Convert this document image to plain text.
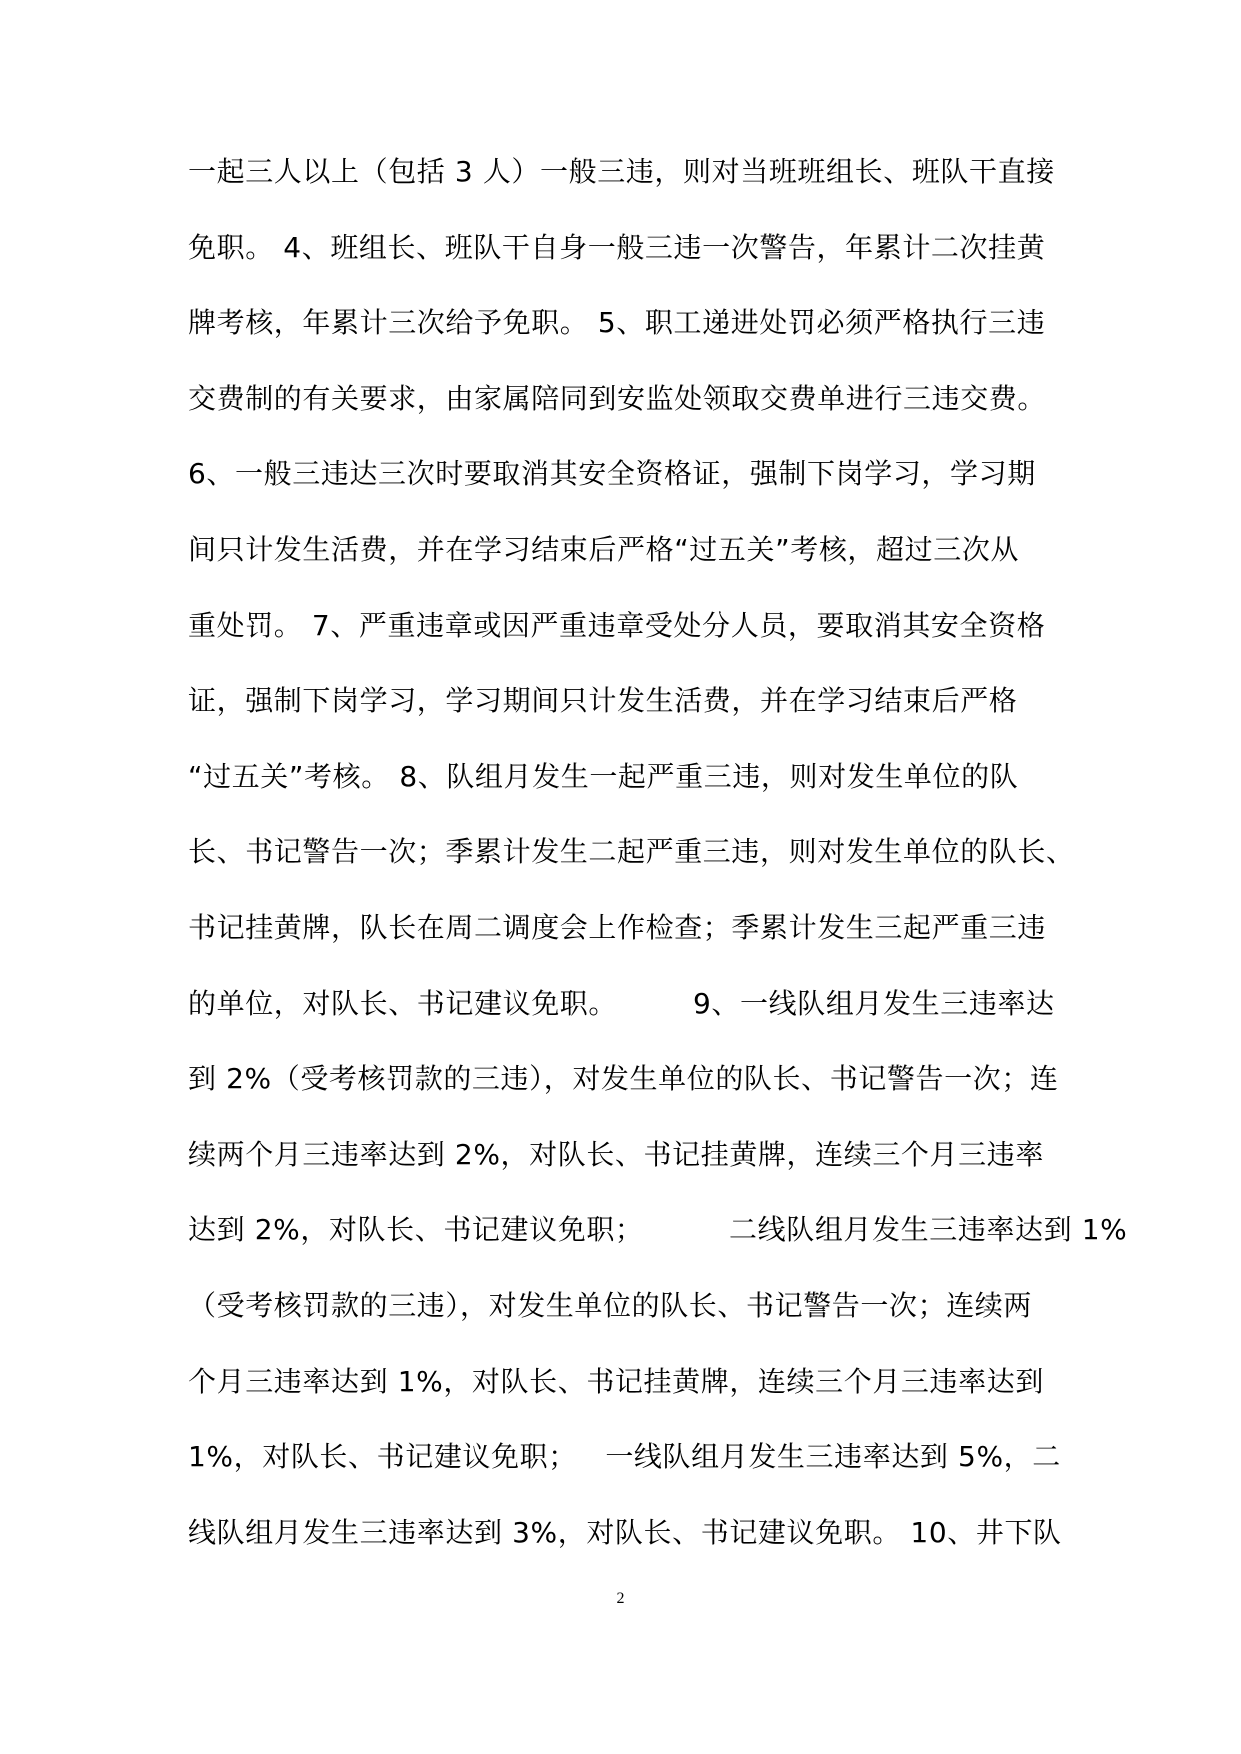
一起三人以上（包括 3 人）一般三违，则对当班班组长、班队干直接
免职。 4、班组长、班队干自身一般三违一次警告，年累计二次挂黄
牌考核，年累计三次给予免职。 5、职工递进处罚必须严格执行三违
交费制的有关要求，由家属陪同到安监处领取交费单进行三违交费。
6、一般三违达三次时要取消其安全资格证，强制下岗学习，学习期
间只计发生活费，并在学习结束后严格“过五关”考核，超过三次从
重处罚。 7、严重违章或因严重违章受处分人员，要取消其安全资格
证，强制下岗学习，学习期间只计发生活费，并在学习结束后严格
“过五关”考核。 8、队组月发生一起严重三违，则对发生单位的队
长、书记警告一次；季累计发生二起严重三违，则对发生单位的队长、
书记挂黄牌，队长在周二调度会上作检查；季累计发生三起严重三违
的单位，对队长、书记建议免职。        9、一线队组月发生三违率达
到 2%（受考核罚款的三违），对发生单位的队长、书记警告一次；连
续两个月三违率达到 2%，对队长、书记挂黄牌，连续三个月三违率
达到 2%，对队长、书记建议免职；         二线队组月发生三违率达到 1%
（受考核罚款的三违），对发生单位的队长、书记警告一次；连续两
个月三违率达到 1%，对队长、书记挂黄牌，连续三个月三违率达到
1%，对队长、书记建议免职；   一线队组月发生三违率达到 5%，二
线队组月发生三违率达到 3%，对队长、书记建议免职。 10、井下队
2
